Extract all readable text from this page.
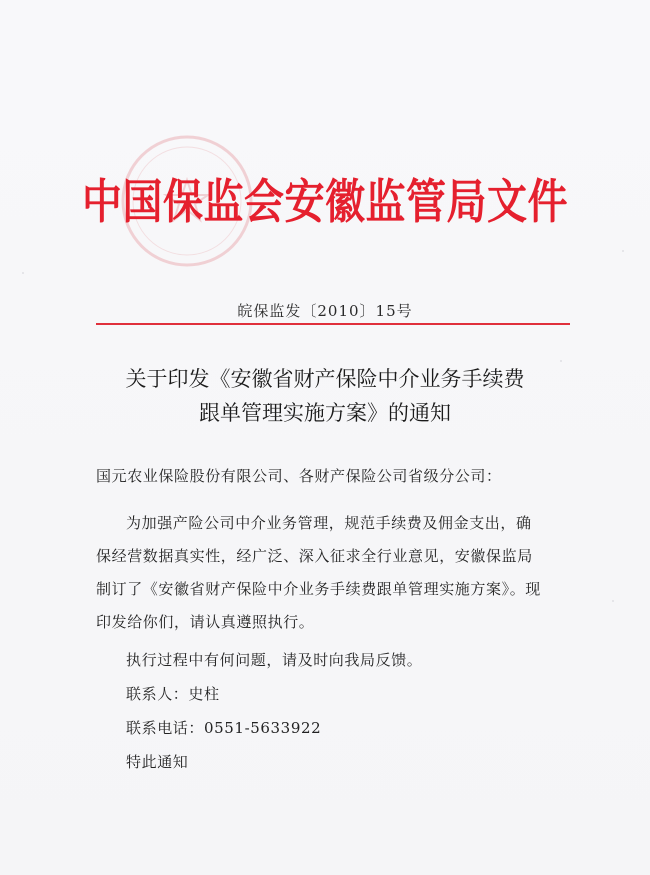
中国保监会安徽监管局文件
皖保监发〔2010〕15号
关于印发《安徽省财产保险中介业务手续费
跟单管理实施方案》的通知
国元农业保险股份有限公司、各财产保险公司省级分公司：
为加强产险公司中介业务管理，规范手续费及佣金支出，确
保经营数据真实性，经广泛、深入征求全行业意见，安徽保监局
制订了《安徽省财产保险中介业务手续费跟单管理实施方案》。现
印发给你们，请认真遵照执行。
执行过程中有何问题，请及时向我局反馈。
联系人：史柱
联系电话：0551-5633922
特此通知
